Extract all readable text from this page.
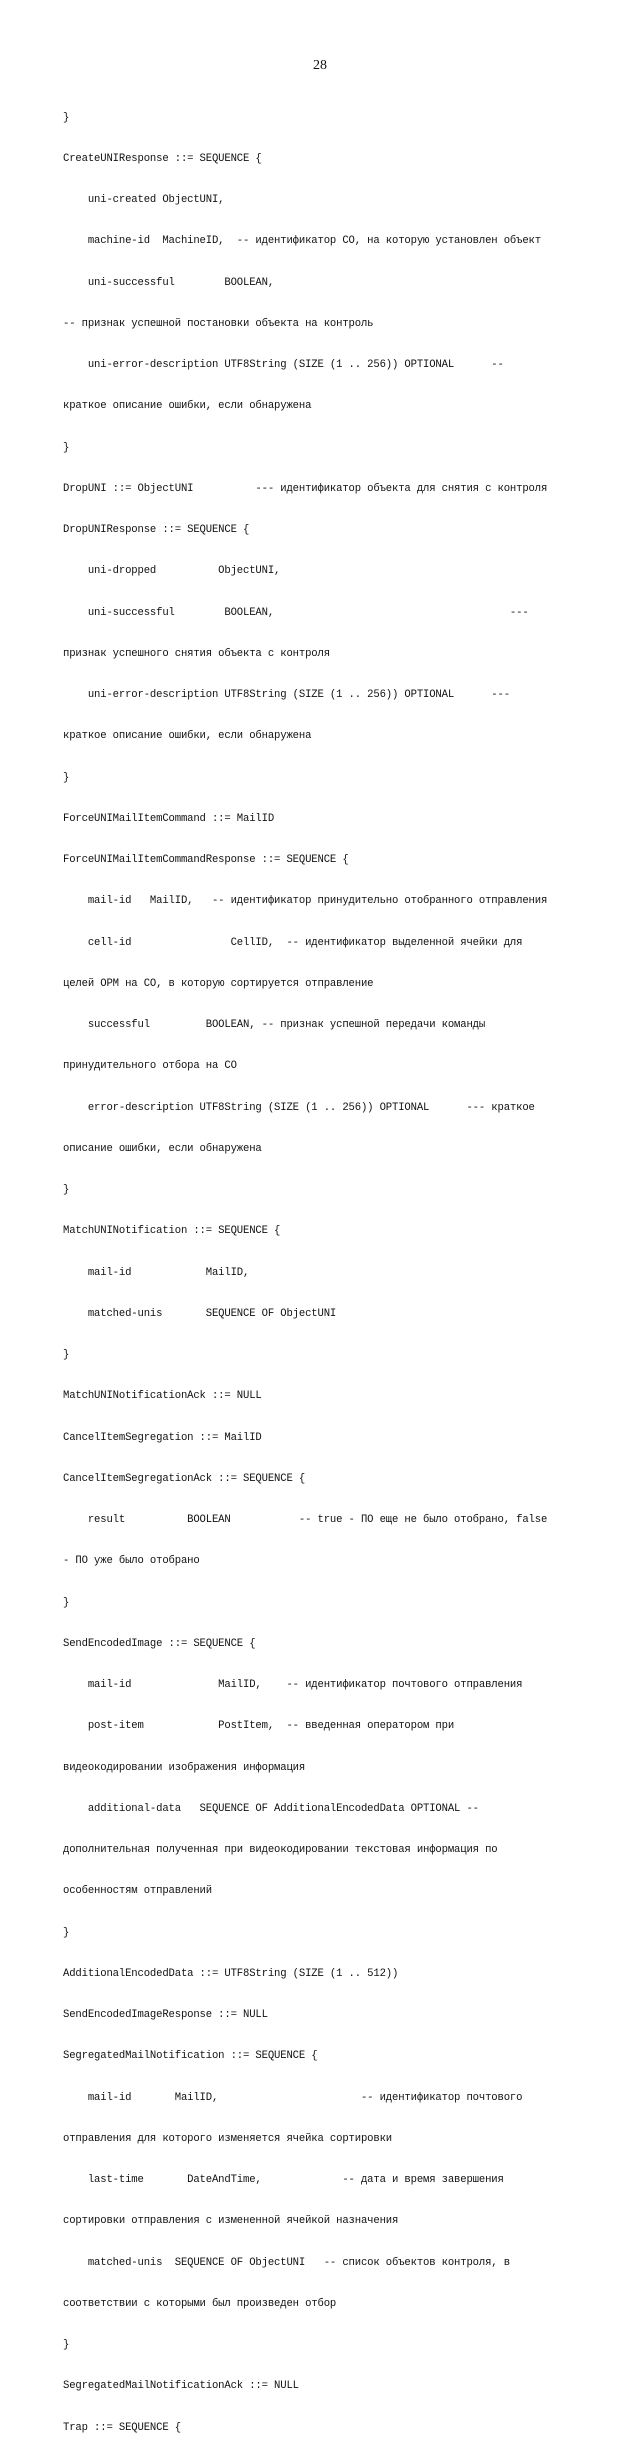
28

}

CreateUNIResponse ::= SEQUENCE {

uni-created ObjectUNI,

machine-id  MachineID,  -- идентификатор CO, на которую установлен объект

uni-successful        BOOLEAN,

-- признак успешной постановки объекта на контроль

uni-error-description UTF8String (SIZE (1 .. 256)) OPTIONAL      --

краткое описание ошибки, если обнаружена

}

DropUNI ::= ObjectUNI          --- идентификатор объекта для снятия с контроля

DropUNIResponse ::= SEQUENCE {

uni-dropped          ObjectUNI,

uni-successful        BOOLEAN,                                      ---

признак успешного снятия объекта с контроля

uni-error-description UTF8String (SIZE (1 .. 256)) OPTIONAL      ---

краткое описание ошибки, если обнаружена

}

ForceUNIMailItemCommand ::= MailID

ForceUNIMailItemCommandResponse ::= SEQUENCE {

mail-id   MailID,   -- идентификатор принудительно отобранного отправления

cell-id                CellID,  -- идентификатор выделенной ячейки для

целей ОРМ на СО, в которую сортируется отправление

successful         BOOLEAN, -- признак успешной передачи команды

принудительного отбора на СО

error-description UTF8String (SIZE (1 .. 256)) OPTIONAL      --- краткое

описание ошибки, если обнаружена

}

MatchUNINotification ::= SEQUENCE {

mail-id            MailID,

matched-unis       SEQUENCE OF ObjectUNI

}

MatchUNINotificationAck ::= NULL

CancelItemSegregation ::= MailID

CancelItemSegregationAck ::= SEQUENCE {

result          BOOLEAN           -- true - ПО еще не было отобрано, false

- ПО уже было отобрано

}

SendEncodedImage ::= SEQUENCE {

mail-id              MailID,    -- идентификатор почтового отправления

post-item            PostItem,  -- введенная оператором при

видеокодировании изображения информация

additional-data   SEQUENCE OF AdditionalEncodedData OPTIONAL --

дополнительная полученная при видеокодировании текстовая информация по

особенностям отправлений

}

AdditionalEncodedData ::= UTF8String (SIZE (1 .. 512))

SendEncodedImageResponse ::= NULL

SegregatedMailNotification ::= SEQUENCE {

mail-id       MailID,                       -- идентификатор почтового

отправления для которого изменяется ячейка сортировки

last-time       DateAndTime,             -- дата и время завершения

сортировки отправления с измененной ячейкой назначения

matched-unis  SEQUENCE OF ObjectUNI   -- список объектов контроля, в

соответствии с которыми был произведен отбор

}

SegregatedMailNotificationAck ::= NULL

Trap ::= SEQUENCE {
